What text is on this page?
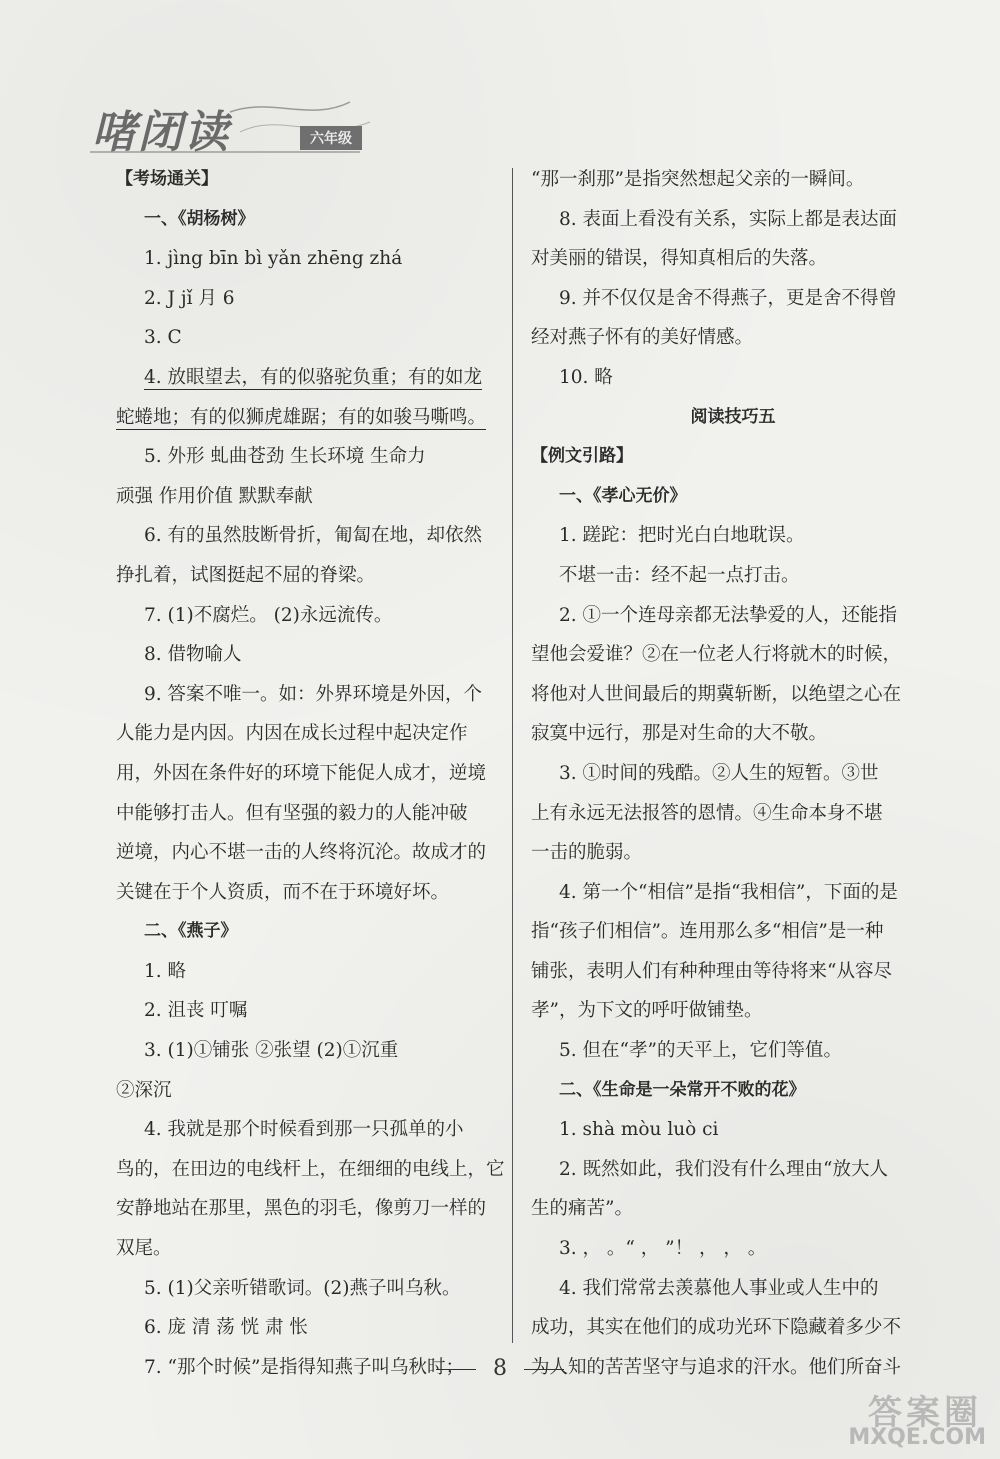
啫闭读	六年级
【考场通关】
一、《胡杨树》
1. jìng bīn bì yǎn zhēng zhá
2. J jǐ 月 6
3. C
4. 放眼望去，有的似骆驼负重；有的如龙
蛇蜷地；有的似狮虎雄踞；有的如骏马嘶鸣。
5. 外形 虬曲苍劲 生长环境 生命力
顽强 作用价值 默默奉献
6. 有的虽然肢断骨折，匍匐在地，却依然
挣扎着，试图挺起不屈的脊梁。
7. (1)不腐烂。 (2)永远流传。
8. 借物喻人
9. 答案不唯一。如：外界环境是外因，个
人能力是内因。内因在成长过程中起决定作
用，外因在条件好的环境下能促人成才，逆境
中能够打击人。但有坚强的毅力的人能冲破
逆境，内心不堪一击的人终将沉沦。故成才的
关键在于个人资质，而不在于环境好坏。
二、《燕子》
1. 略
2. 沮丧 叮嘱
3. (1)①铺张 ②张望 (2)①沉重
②深沉
4. 我就是那个时候看到那一只孤单的小
鸟的，在田边的电线杆上，在细细的电线上，它
安静地站在那里，黑色的羽毛，像剪刀一样的
双尾。
5. (1)父亲听错歌词。(2)燕子叫乌秋。
6. 庞 清 荡 恍 肃 怅
7. “那个时候”是指得知燕子叫乌秋时；
“那一刹那”是指突然想起父亲的一瞬间。
8. 表面上看没有关系，实际上都是表达面
对美丽的错误，得知真相后的失落。
9. 并不仅仅是舍不得燕子，更是舍不得曾
经对燕子怀有的美好情感。
10. 略
阅读技巧五
【例文引路】
一、《孝心无价》
1. 蹉跎：把时光白白地耽误。
不堪一击：经不起一点打击。
2. ①一个连母亲都无法挚爱的人，还能指
望他会爱谁？②在一位老人行将就木的时候，
将他对人世间最后的期冀斩断，以绝望之心在
寂寞中远行，那是对生命的大不敬。
3. ①时间的残酷。②人生的短暂。③世
上有永远无法报答的恩情。④生命本身不堪
一击的脆弱。
4. 第一个“相信”是指“我相信”，下面的是
指“孩子们相信”。连用那么多“相信”是一种
铺张，表明人们有种种理由等待将来“从容尽
孝”，为下文的呼吁做铺垫。
5. 但在“孝”的天平上，它们等值。
二、《生命是一朵常开不败的花》
1. shà mòu luò ci
2. 既然如此，我们没有什么理由“放大人
生的痛苦”。
3. ， 。“ ， ”！ ， ， 。
4. 我们常常去羡慕他人事业或人生中的
成功，其实在他们的成功光环下隐藏着多少不
为人知的苦苦坚守与追求的汗水。他们所奋斗
8
答案圈
MXQE.COM
